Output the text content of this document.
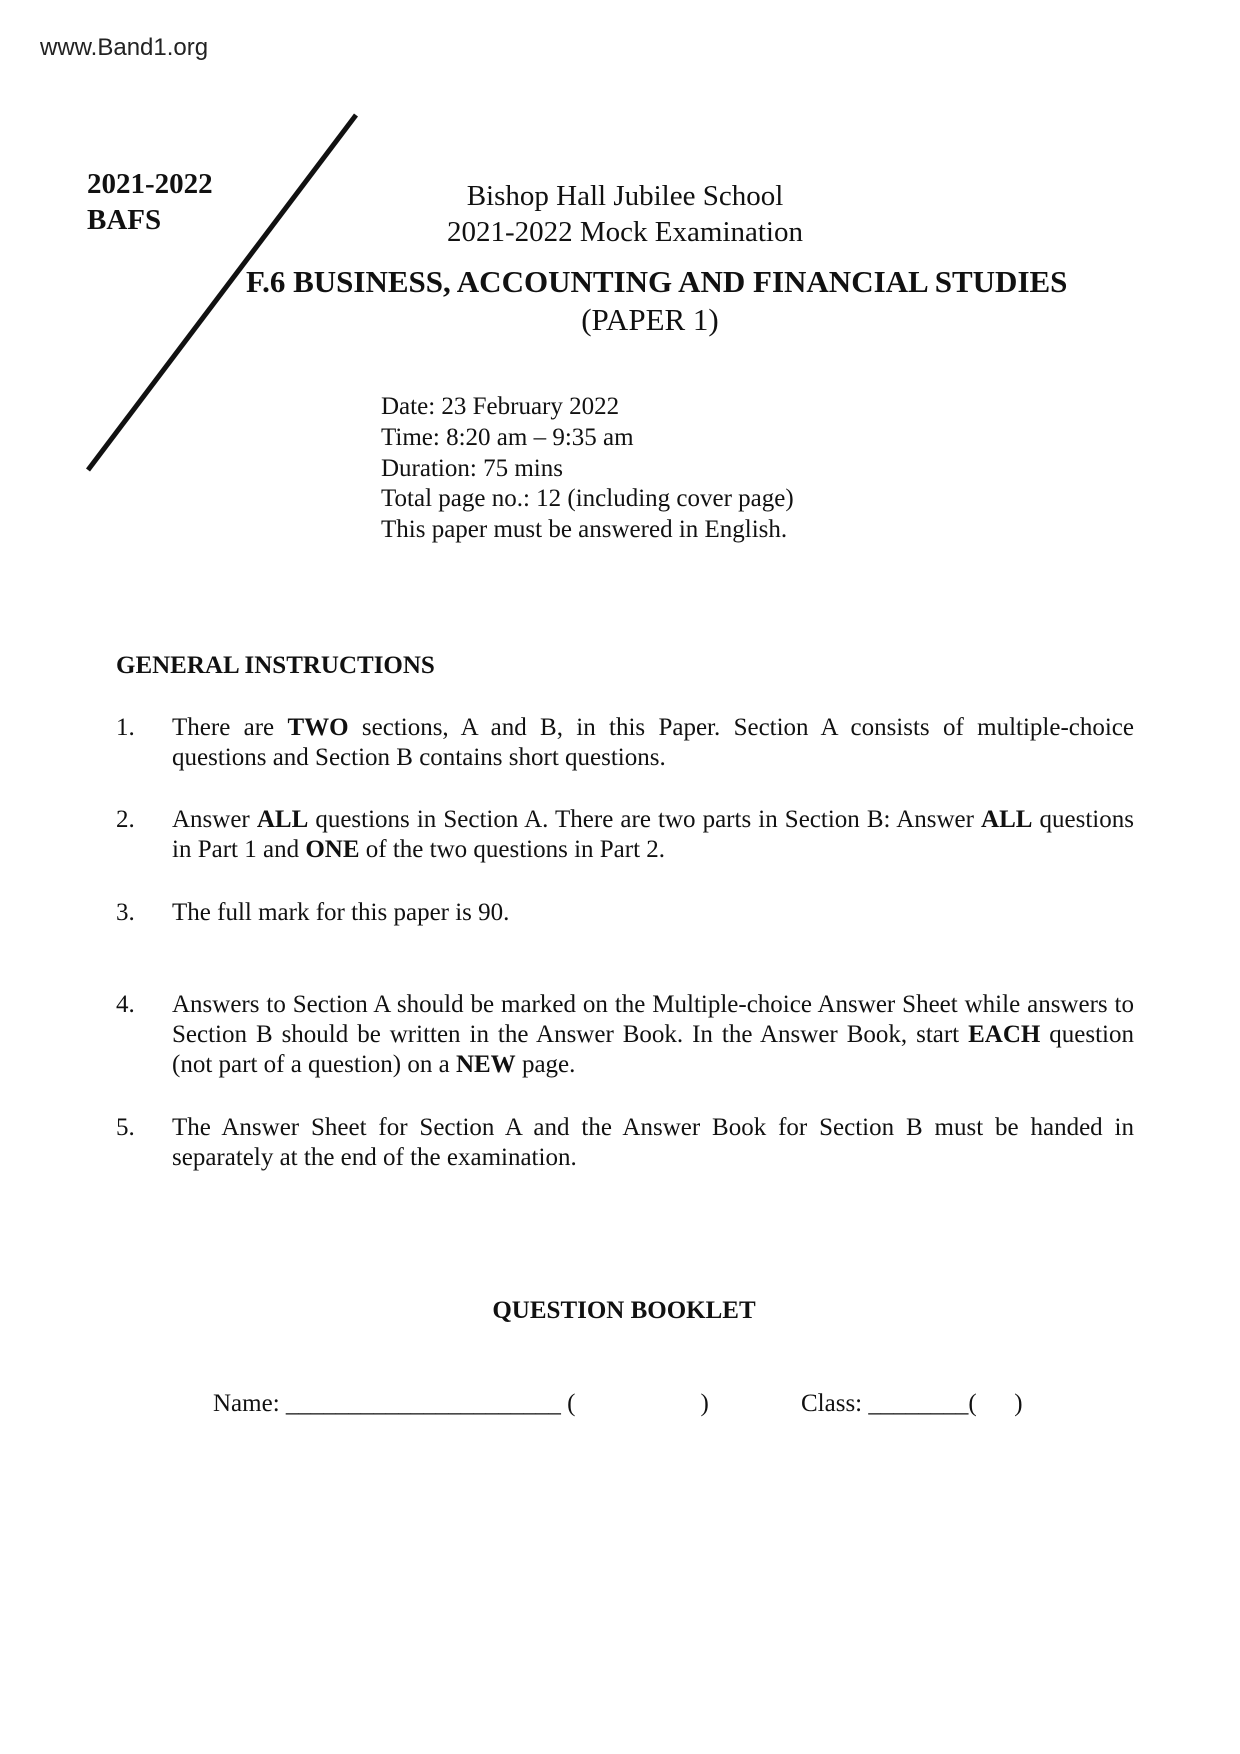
www.Band1.org
2021-2022
BAFS
Bishop Hall Jubilee School
2021-2022 Mock Examination
F.6 BUSINESS, ACCOUNTING AND FINANCIAL STUDIES
(PAPER 1)
Date: 23 February 2022
Time: 8:20 am – 9:35 am
Duration: 75 mins
Total page no.: 12 (including cover page)
This paper must be answered in English.
GENERAL INSTRUCTIONS
1. There are TWO sections, A and B, in this Paper. Section A consists of multiple-choice questions and Section B contains short questions.
2. Answer ALL questions in Section A. There are two parts in Section B: Answer ALL questions in Part 1 and ONE of the two questions in Part 2.
3. The full mark for this paper is 90.
4. Answers to Section A should be marked on the Multiple-choice Answer Sheet while answers to Section B should be written in the Answer Book. In the Answer Book, start EACH question (not part of a question) on a NEW page.
5. The Answer Sheet for Section A and the Answer Book for Section B must be handed in separately at the end of the examination.
QUESTION BOOKLET
Name: ______________________ (                    )	Class: ________(      )
